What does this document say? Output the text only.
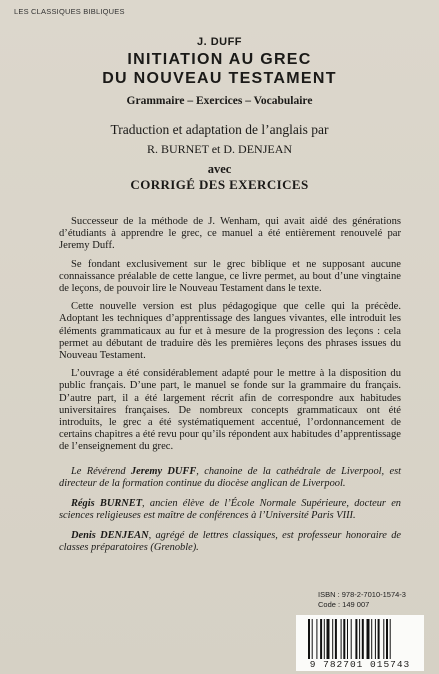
LES CLASSIQUES BIBLIQUES
J. DUFF
INITIATION AU GREC
DU NOUVEAU TESTAMENT
Grammaire – Exercices – Vocabulaire
Traduction et adaptation de l’anglais par
R. BURNET et D. DENJEAN
avec
CORRIGÉ DES EXERCICES

Successeur de la méthode de J. Wenham, qui avait aidé des générations d’étudiants à apprendre le grec, ce manuel a été entièrement renouvelé par Jeremy Duff.

Se fondant exclusivement sur le grec biblique et ne supposant aucune connaissance préalable de cette langue, ce livre permet, au bout d’une vingtaine de leçons, de pouvoir lire le Nouveau Testament dans le texte.

Cette nouvelle version est plus pédagogique que celle qui la précède. Adoptant les techniques d’apprentissage des langues vivantes, elle introduit les éléments grammaticaux au fur et à mesure de la progression des leçons : cela permet au débutant de traduire dès les premières leçons des phrases issues du Nouveau Testament.

L’ouvrage a été considérablement adapté pour le mettre à la disposition du public français. D’une part, le manuel se fonde sur la grammaire du français. D’autre part, il a été largement récrit afin de correspondre aux habitudes universitaires françaises. De nombreux concepts grammaticaux ont été introduits, le grec a été systématiquement accentué, l’ordonnancement de certains chapitres a été revu pour qu’ils répondent aux habitudes d’apprentissage de l’enseignement du grec.

Le Révérend Jeremy DUFF, chanoine de la cathédrale de Liverpool, est directeur de la formation continue du diocèse anglican de Liverpool.

Régis BURNET, ancien élève de l’École Normale Supérieure, docteur en sciences religieuses est maître de conférences à l’Université Paris VIII.

Denis DENJEAN, agrégé de lettres classiques, est professeur honoraire de classes préparatoires (Grenoble).

ISBN : 978-2-7010-1574-3
Code : 149 007
9 782701 015743
